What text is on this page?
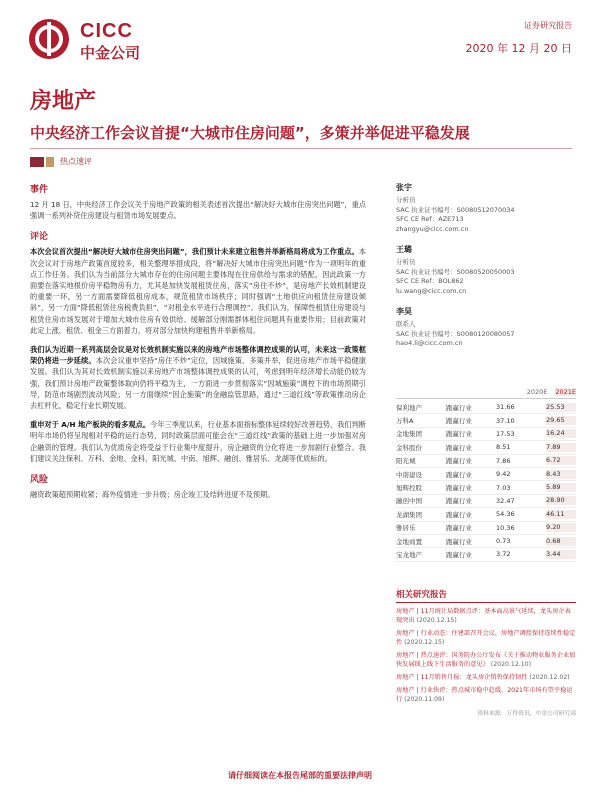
CICC
中金公司
证券研究报告
2020 年 12 月 20 日
房地产
中央经济工作会议首提“大城市住房问题”，多策并举促进平稳发展
热点速评
事件

12 月 18 日，中央经济工作会议关于房地产政策的相关表述首次提出“解决好大城市住房突出问题”，重点强调一系列补贷住房建设与租赁市场发展要点。

评论

本次会议首次提出“解决好大城市住房突出问题”，我们预计未来建立租售并举新格局将成为工作重点。本次会议对于房地产政策首度较多，相关整理举措成段，将“解决好大城市住房突出问题”作为一项明年的重点工作任务。我们认为当前部分大城市存在的住房问题主要体现在住房供给与需求的错配，因此政策一方面要在落实地根价房平稳物房有力，尤其是加快发展租赁住房，落实“房住不炒”，是房地产长效机制建设的重要一环，另一方面需要降低租房成本，规范租赁市场秩序；同时强调“土地供应向租赁住房建设倾斜”，另一方面“降低租赁住房税费负担”，“对租金水平进行合理调控”。我们认为，保障性租赁住房建设与租赁住房市场发展对于增加大城市住房有效供给、缓解部分刚需群体租住问题具有重要作用；目前政策对此定上涨，租赁、租金三方面着力，将对部分加快构建租售并举新格局。

我们认为近期一系列高层会议是对长效机制实施以来的房地产市场整体调控成果的认可，未来这一政策框架仍将进一步延续。本次会议重申坚持“房住不炒”定位，因城施策、多策并举，促进房地产市场平稳健康发展。我们认为其对长效机制实施以来房地产市场整体调控成果的认可，考虑到明年经济增长动能仍较为强，我们预计房地产政策整体取向仍将平稳为主，一方面进一步贯彻落实“因城施策”调控下的市场预期引导，防范市场剧烈波动风险；另一方面继续“因企施策”的金融监管思路，通过“三道红线”等政策推动房企去杠杆化，稳定行业长期发展。

重申对于 A/H 地产板块的看多观点。今年三季度以来，行业基本面指标整体延续较好改善趋势，我们判断明年市场仍将呈现相对平稳的运行态势，同时政策层面可能会在“三道红线”政策的基础上进一步加强对房企融资的管理。我们认为优质房企将受益于行业集中度提升，房企融资的分化将进一步加剧行业整合。我们建议关注保利、万科、金地、金科、阳光城、中南、旭辉、融创、雅居乐、龙湖等优质标的。

风险

融资政策超预期收紧；海外疫情进一步升级；房企竣工及结转进度不及预期。

张宇
分析员
SAC 执业证书编号：S0080512070034
SFC CE Ref：AZE713
zhangyu@cicc.com.cn
王璐
分析员
SAC 执业证书编号：S0080520050003
SFC CE Ref：BOL862
lu.wang@cicc.com.cn
李昊
联系人
SAC 执业证书编号：S0080120080057
hao4.li@cicc.com.cn
2020E 2021E
保利地产	跑赢行业	31.66	25.53
万科A	跑赢行业	37.10	29.65
金地集团	跑赢行业	17.53	16.24
金科股份	跑赢行业	8.51	7.89
阳光城	跑赢行业	7.86	6.72
中南建设	跑赢行业	9.42	8.43
旭辉控股	跑赢行业	7.03	5.89
融创中国	跑赢行业	32.47	28.90
龙湖集团	跑赢行业	54.36	46.11
雅居乐	跑赢行业	10.36	9.20
金地商置	跑赢行业	0.73	0.68
宝龙地产	跑赢行业	3.72	3.44
相关研究报告
房地产 | 11月统计局数据点评：基本面高景气延续，龙头房企表现突出 (2020.12.15)
房地产 | 行业动态：住建部召开会议，房地产调控保持连续性稳定性 (2020.12.15)
房地产 | 热点速评：国务院办公厅发布《关于推动物业服务企业加快发展线上线下生活服务的意见》 (2020.12.10)
房地产 | 11月销售月报：龙头房企销售保持韧性 (2020.12.02)
房地产 | 行业快评：热点城市稳中趋缓，2021年市场有望平稳运行 (2020.11.09)
资料来源：万得资讯，中金公司研究部
请仔细阅读在本报告尾部的重要法律声明
